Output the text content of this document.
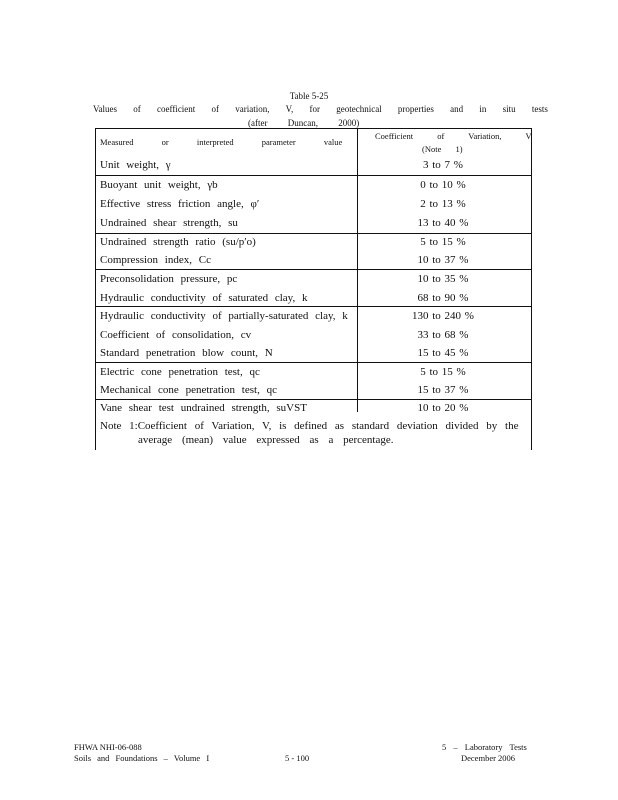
Table 5-25
Values of coefficient of variation, V, for geotechnical properties and in situ tests
(after Duncan, 2000)
Measured or interpreted parameter value
Coefficient of Variation, V
(Note 1)
Unit weight, γ	3 to 7 %
Buoyant unit weight, γb	0 to 10 %
Effective stress friction angle, φ′	2 to 13 %
Undrained shear strength, su	13 to 40 %
Undrained strength ratio (su/p′o)	5 to 15 %
Compression index, Cc	10 to 37 %
Preconsolidation pressure, pc	10 to 35 %
Hydraulic conductivity of saturated clay, k	68 to 90 %
Hydraulic conductivity of partially-saturated clay, k	130 to 240 %
Coefficient of consolidation, cv	33 to 68 %
Standard penetration blow count, N	15 to 45 %
Electric cone penetration test, qc	5 to 15 %
Mechanical cone penetration test, qc	15 to 37 %
Vane shear test undrained strength, suVST	10 to 20 %
Note 1:Coefficient of Variation, V, is defined as standard deviation divided by the
average (mean) value expressed as a percentage.
FHWA NHI-06-088
Soils and Foundations – Volume I	5 - 100
5 – Laboratory Tests
December 2006
